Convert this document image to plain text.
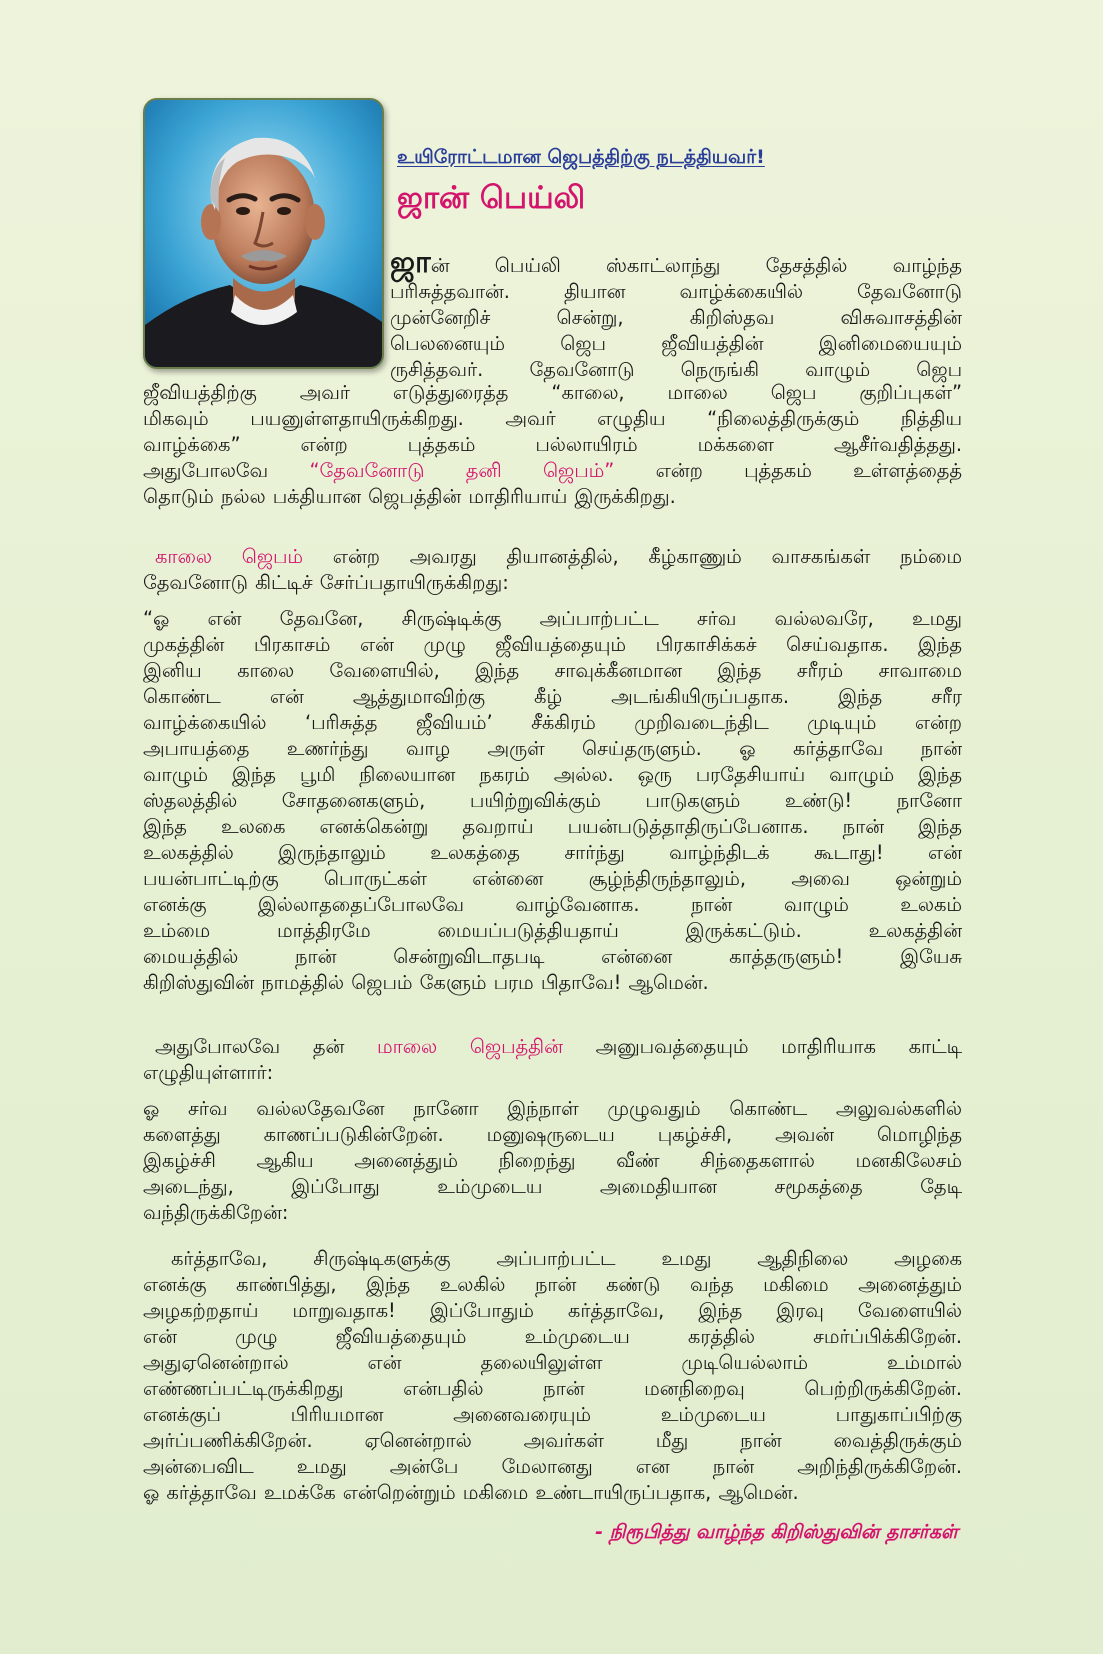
உயிரோட்டமான ஜெபத்திற்கு நடத்தியவர்!
ஜான் பெய்லி
ஜான் பெய்லி ஸ்காட்லாந்து தேசத்தில் வாழ்ந்த
பரிசுத்தவான். தியான வாழ்க்கையில் தேவனோடு
முன்னேறிச் சென்று, கிறிஸ்தவ விசுவாசத்தின்
பெலனையும் ஜெப ஜீவியத்தின் இனிமையையும்
ருசித்தவர். தேவனோடு நெருங்கி வாழும் ஜெப
ஜீவியத்திற்கு அவர் எடுத்துரைத்த “காலை, மாலை ஜெப குறிப்புகள்”
மிகவும் பயனுள்ளதாயிருக்கிறது. அவர் எழுதிய “நிலைத்திருக்கும் நித்திய
வாழ்க்கை” என்ற புத்தகம் பல்லாயிரம் மக்களை ஆசீர்வதித்தது.
அதுபோலவே “தேவனோடு தனி ஜெபம்” என்ற புத்தகம் உள்ளத்தைத்
தொடும் நல்ல பக்தியான ஜெபத்தின் மாதிரியாய் இருக்கிறது.
காலை ஜெபம் என்ற அவரது தியானத்தில், கீழ்காணும் வாசகங்கள் நம்மை
தேவனோடு கிட்டிச் சேர்ப்பதாயிருக்கிறது:
“ஓ என் தேவனே, சிருஷ்டிக்கு அப்பாற்பட்ட சர்வ வல்லவரே, உமது
முகத்தின் பிரகாசம் என் முழு ஜீவியத்தையும் பிரகாசிக்கச் செய்வதாக. இந்த
இனிய காலை வேளையில், இந்த சாவுக்கீனமான இந்த சரீரம் சாவாமை
கொண்ட என் ஆத்துமாவிற்கு கீழ் அடங்கியிருப்பதாக. இந்த சரீர
வாழ்க்கையில் ‘பரிசுத்த ஜீவியம்’ சீக்கிரம் முறிவடைந்திட முடியும் என்ற
அபாயத்தை உணர்ந்து வாழ அருள் செய்தருளும். ஓ கர்த்தாவே நான்
வாழும் இந்த பூமி நிலையான நகரம் அல்ல. ஒரு பரதேசியாய் வாழும் இந்த
ஸ்தலத்தில் சோதனைகளும், பயிற்றுவிக்கும் பாடுகளும் உண்டு! நானோ
இந்த உலகை எனக்கென்று தவறாய் பயன்படுத்தாதிருப்பேனாக. நான் இந்த
உலகத்தில் இருந்தாலும் உலகத்தை சார்ந்து வாழ்ந்திடக் கூடாது! என்
பயன்பாட்டிற்கு பொருட்கள் என்னை சூழ்ந்திருந்தாலும், அவை ஒன்றும்
எனக்கு இல்லாததைப்போலவே வாழ்வேனாக. நான் வாழும் உலகம்
உம்மை மாத்திரமே மையப்படுத்தியதாய் இருக்கட்டும். உலகத்தின்
மையத்தில் நான் சென்றுவிடாதபடி என்னை காத்தருளும்! இயேசு
கிறிஸ்துவின் நாமத்தில் ஜெபம் கேளும் பரம பிதாவே! ஆமென்.
அதுபோலவே தன் மாலை ஜெபத்தின் அனுபவத்தையும் மாதிரியாக காட்டி
எழுதியுள்ளார்:
ஓ சர்வ வல்லதேவனே நானோ இந்நாள் முழுவதும் கொண்ட அலுவல்களில்
களைத்து காணப்படுகின்றேன். மனுஷருடைய புகழ்ச்சி, அவன் மொழிந்த
இகழ்ச்சி ஆகிய அனைத்தும் நிறைந்து வீண் சிந்தைகளால் மனகிலேசம்
அடைந்து, இப்போது உம்முடைய அமைதியான சமூகத்தை தேடி
வந்திருக்கிறேன்:
கர்த்தாவே, சிருஷ்டிகளுக்கு அப்பாற்பட்ட உமது ஆதிநிலை அழகை
எனக்கு காண்பித்து, இந்த உலகில் நான் கண்டு வந்த மகிமை அனைத்தும்
அழகற்றதாய் மாறுவதாக! இப்போதும் கர்த்தாவே, இந்த இரவு வேளையில்
என் முழு ஜீவியத்தையும் உம்முடைய கரத்தில் சமர்ப்பிக்கிறேன்.
அதுஏனென்றால் என் தலையிலுள்ள முடியெல்லாம் உம்மால்
எண்ணப்பட்டிருக்கிறது என்பதில் நான் மனநிறைவு பெற்றிருக்கிறேன்.
எனக்குப் பிரியமான அனைவரையும் உம்முடைய பாதுகாப்பிற்கு
அர்ப்பணிக்கிறேன். ஏனென்றால் அவர்கள் மீது நான் வைத்திருக்கும்
அன்பைவிட உமது அன்பே மேலானது என நான் அறிந்திருக்கிறேன்.
ஓ கர்த்தாவே உமக்கே என்றென்றும் மகிமை உண்டாயிருப்பதாக, ஆமென்.
- நிரூபித்து வாழ்ந்த கிறிஸ்துவின் தாசர்கள்
